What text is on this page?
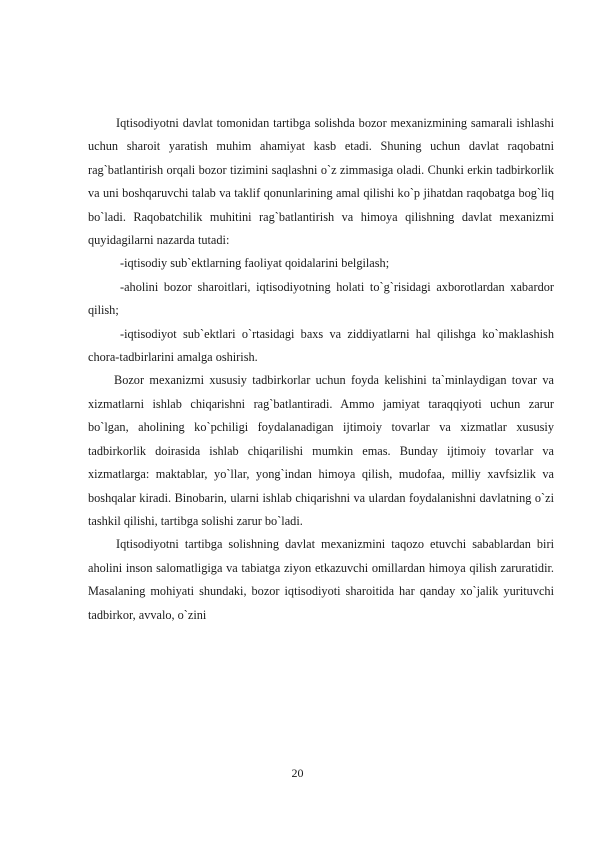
Iqtisodiyotni davlat tomonidan tartibga solishda bozor mexanizmining samarali ishlashi uchun sharoit yaratish muhim ahamiyat kasb etadi. Shuning uchun davlat raqobatni rag`batlantirish orqali bozor tizimini saqlashni o`z zimmasiga oladi. Chunki erkin tadbirkorlik va uni boshqaruvchi talab va taklif qonunlarining amal qilishi ko`p jihatdan raqobatga bog`liq bo`ladi. Raqobatchilik muhitini rag`batlantirish va himoya qilishning davlat mexanizmi quyidagilarni nazarda tutadi:

-iqtisodiy sub`ektlarning faoliyat qoidalarini belgilash;

-aholini bozor sharoitlari, iqtisodiyotning holati to`g`risidagi axborotlardan xabardor qilish;

-iqtisodiyot sub`ektlari o`rtasidagi baxs va ziddiyatlarni hal qilishga ko`maklashish chora-tadbirlarini amalga oshirish.

Bozor mexanizmi xususiy tadbirkorlar uchun foyda kelishini ta`minlaydigan tovar va xizmatlarni ishlab chiqarishni rag`batlantiradi. Ammo jamiyat taraqqiyoti uchun zarur bo`lgan, aholining ko`pchiligi foydalanadigan ijtimoiy tovarlar va xizmatlar xususiy tadbirkorlik doirasida ishlab chiqarilishi mumkin emas. Bunday ijtimoiy tovarlar va xizmatlarga: maktablar, yo`llar, yong`indan himoya qilish, mudofaa, milliy xavfsizlik va boshqalar kiradi. Binobarin, ularni ishlab chiqarishni va ulardan foydalanishni davlatning o`zi tashkil qilishi, tartibga solishi zarur bo`ladi.

Iqtisodiyotni tartibga solishning davlat mexanizmini taqozo etuvchi sabablardan biri aholini inson salomatligiga va tabiatga ziyon etkazuvchi omillardan himoya qilish zaruratidir. Masalaning mohiyati shundaki, bozor iqtisodiyoti sharoitida har qanday xo`jalik yurituvchi tadbirkor, avvalo, o`zini

20
